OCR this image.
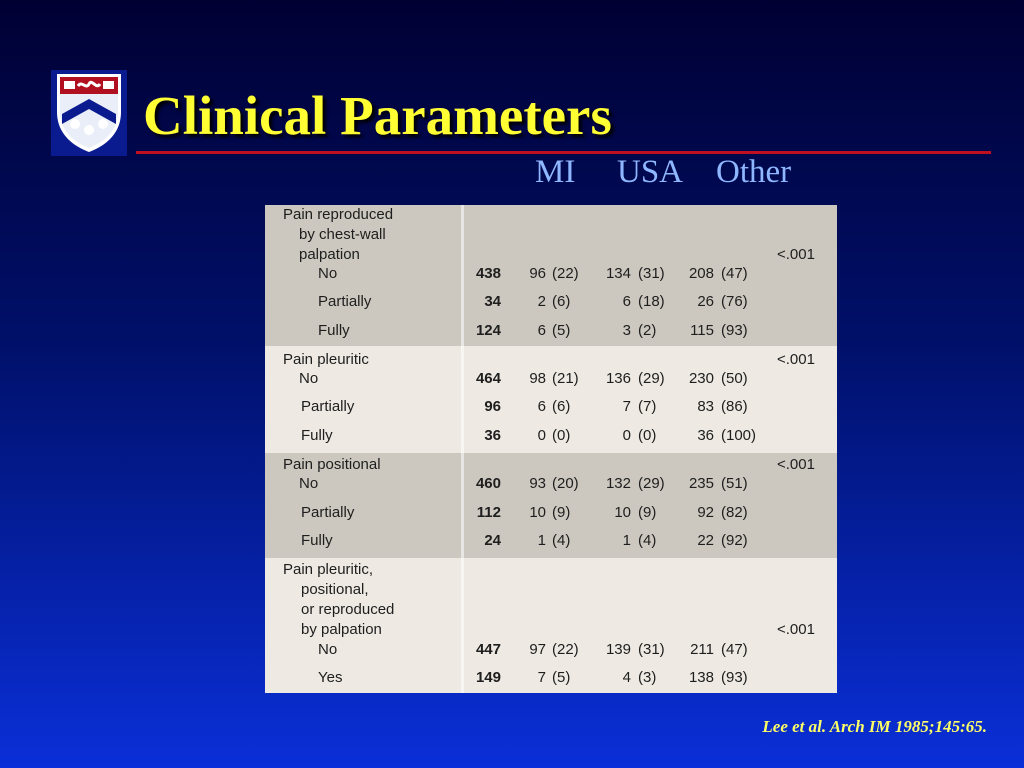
Clinical Parameters
MI USA Other
Pain reproduced
by chest-wall
palpation	<.001
No	438	96 (22)	134 (31)	208 (47)
Partially	34	2 (6)	6 (18)	26 (76)
Fully	124	6 (5)	3 (2)	115 (93)
Pain pleuritic	<.001
No	464	98 (21)	136 (29)	230 (50)
Partially	96	6 (6)	7 (7)	83 (86)
Fully	36	0 (0)	0 (0)	36 (100)
Pain positional	<.001
No	460	93 (20)	132 (29)	235 (51)
Partially	112	10 (9)	10 (9)	92 (82)
Fully	24	1 (4)	1 (4)	22 (92)
Pain pleuritic,
positional,
or reproduced
by palpation	<.001
No	447	97 (22)	139 (31)	211 (47)
Yes	149	7 (5)	4 (3)	138 (93)

Lee et al. Arch IM 1985;145:65.
